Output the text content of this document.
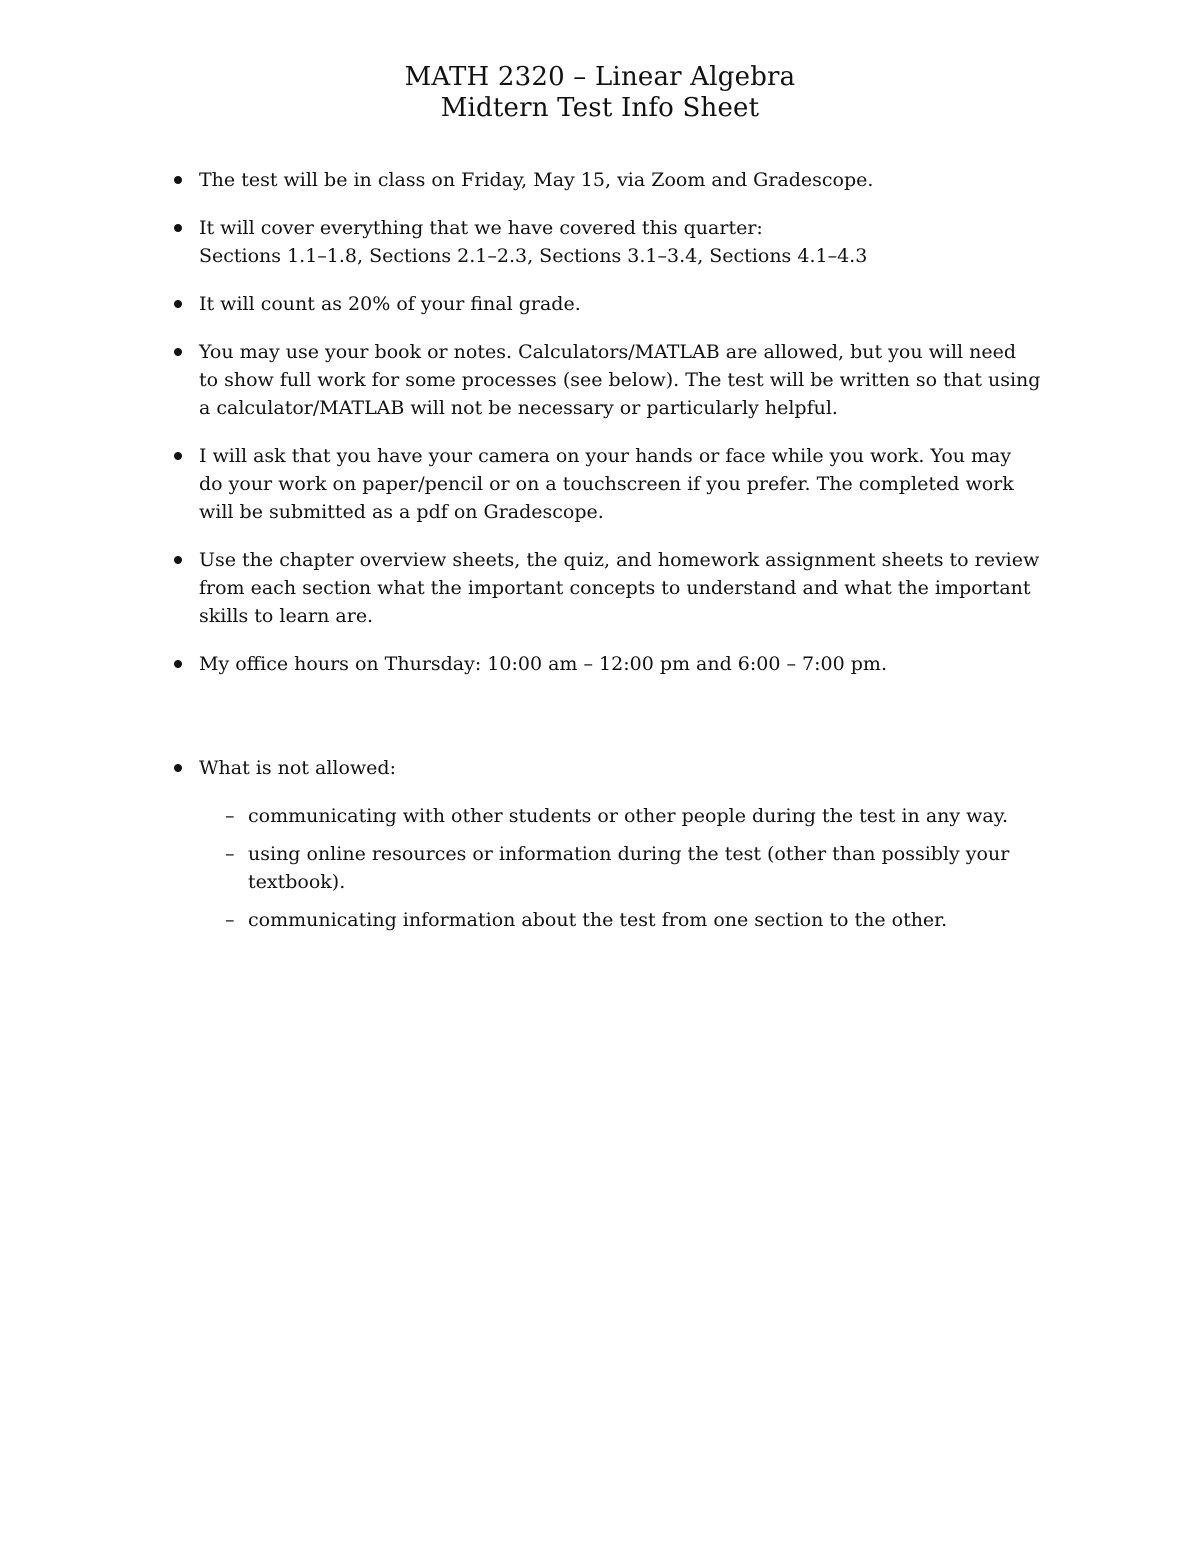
MATH 2320 – Linear Algebra
Midtern Test Info Sheet
The test will be in class on Friday, May 15, via Zoom and Gradescope.
It will cover everything that we have covered this quarter:
Sections 1.1–1.8, Sections 2.1–2.3, Sections 3.1–3.4, Sections 4.1–4.3
It will count as 20% of your final grade.
You may use your book or notes. Calculators/MATLAB are allowed, but you will need
to show full work for some processes (see below). The test will be written so that using
a calculator/MATLAB will not be necessary or particularly helpful.
I will ask that you have your camera on your hands or face while you work. You may
do your work on paper/pencil or on a touchscreen if you prefer. The completed work
will be submitted as a pdf on Gradescope.
Use the chapter overview sheets, the quiz, and homework assignment sheets to review
from each section what the important concepts to understand and what the important
skills to learn are.
My office hours on Thursday: 10:00 am – 12:00 pm and 6:00 – 7:00 pm.
What is not allowed:
– communicating with other students or other people during the test in any way.
– using online resources or information during the test (other than possibly your
textbook).
– communicating information about the test from one section to the other.
